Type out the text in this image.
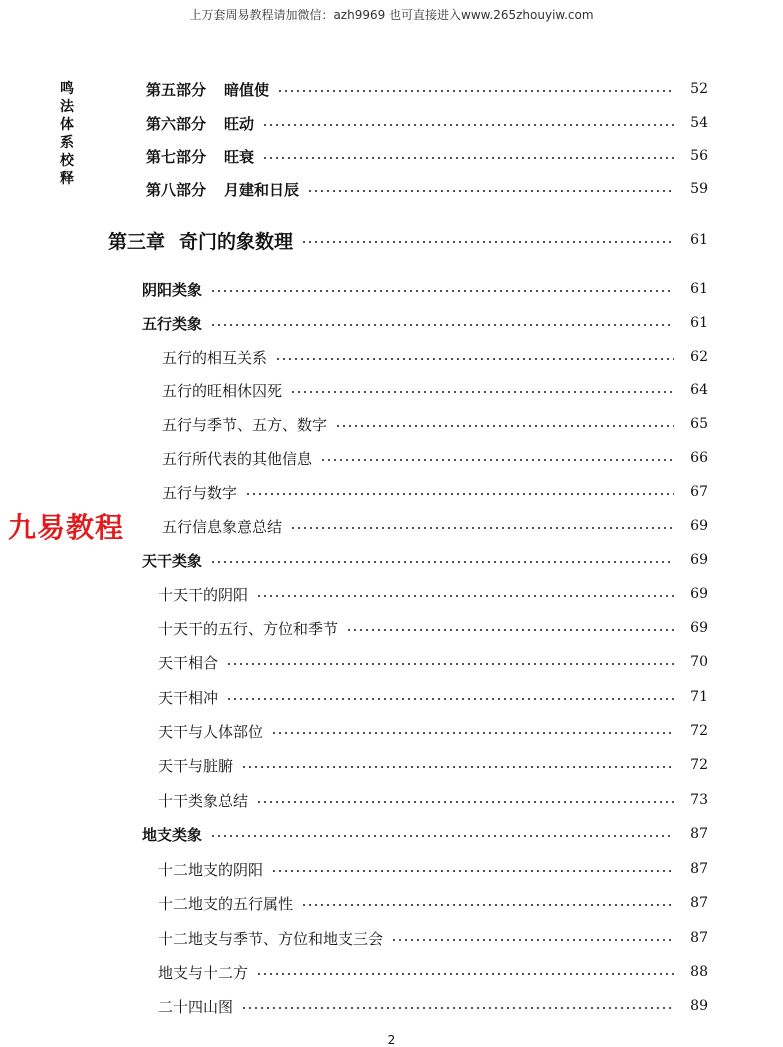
上万套周易教程请加微信：azh9969 也可直接进入www.265zhouyiw.com
鸣
法
体
系
校
释
九易教程
第五部分 暗值使	52
第六部分 旺动	54
第七部分 旺衰	56
第八部分 月建和日辰	59
第三章 奇门的象数理	61
阴阳类象	61
五行类象	61
五行的相互关系	62
五行的旺相休囚死	64
五行与季节、五方、数字	65
五行所代表的其他信息	66
五行与数字	67
五行信息象意总结	69
天干类象	69
十天干的阴阳	69
十天干的五行、方位和季节	69
天干相合	70
天干相冲	71
天干与人体部位	72
天干与脏腑	72
十干类象总结	73
地支类象	87
十二地支的阴阳	87
十二地支的五行属性	87
十二地支与季节、方位和地支三会	87
地支与十二方	88
二十四山图	89
2
